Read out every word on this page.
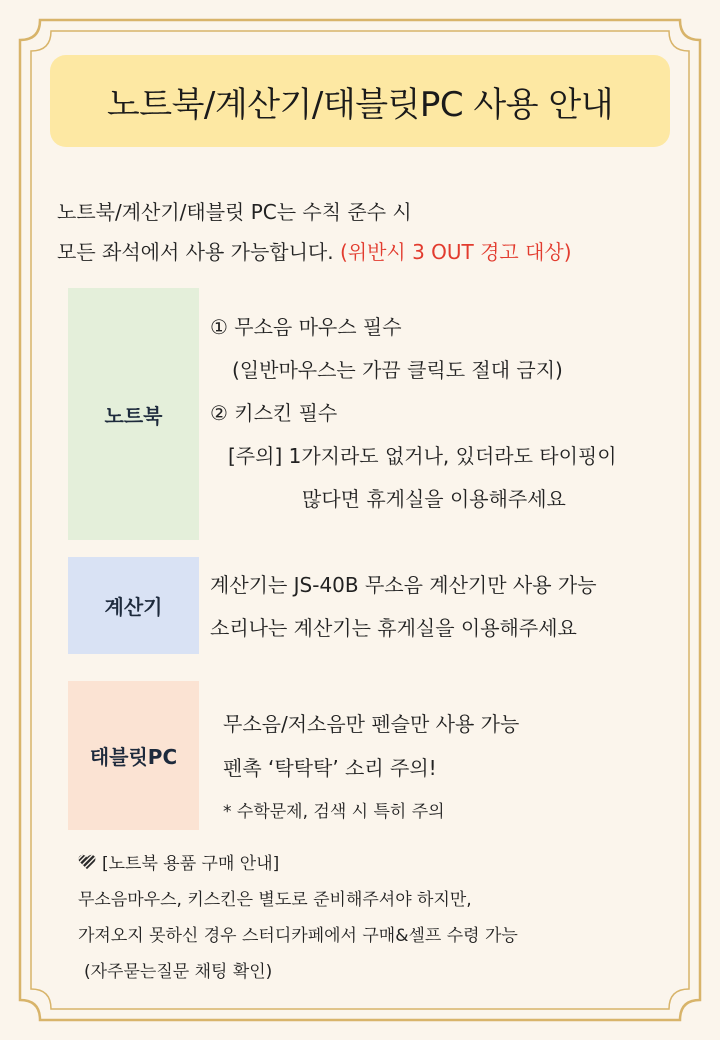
노트북/계산기/태블릿PC 사용 안내
노트북/계산기/태블릿 PC는 수칙 준수 시
모든 좌석에서 사용 가능합니다. (위반시 3 OUT 경고 대상)
노트북
① 무소음 마우스 필수
(일반마우스는 가끔 클릭도 절대 금지)
② 키스킨 필수
[주의] 1가지라도 없거나, 있더라도 타이핑이
많다면 휴게실을 이용해주세요
계산기
계산기는 JS-40B 무소음 계산기만 사용 가능
소리나는 계산기는 휴게실을 이용해주세요
태블릿PC
무소음/저소음만 펜슬만 사용 가능
펜촉 ‘탁탁탁’ 소리 주의!
* 수학문제, 검색 시 특히 주의
[노트북 용품 구매 안내]
무소음마우스, 키스킨은 별도로 준비해주셔야 하지만,
가져오지 못하신 경우 스터디카페에서 구매&셀프 수령 가능
(자주묻는질문 채팅 확인)
